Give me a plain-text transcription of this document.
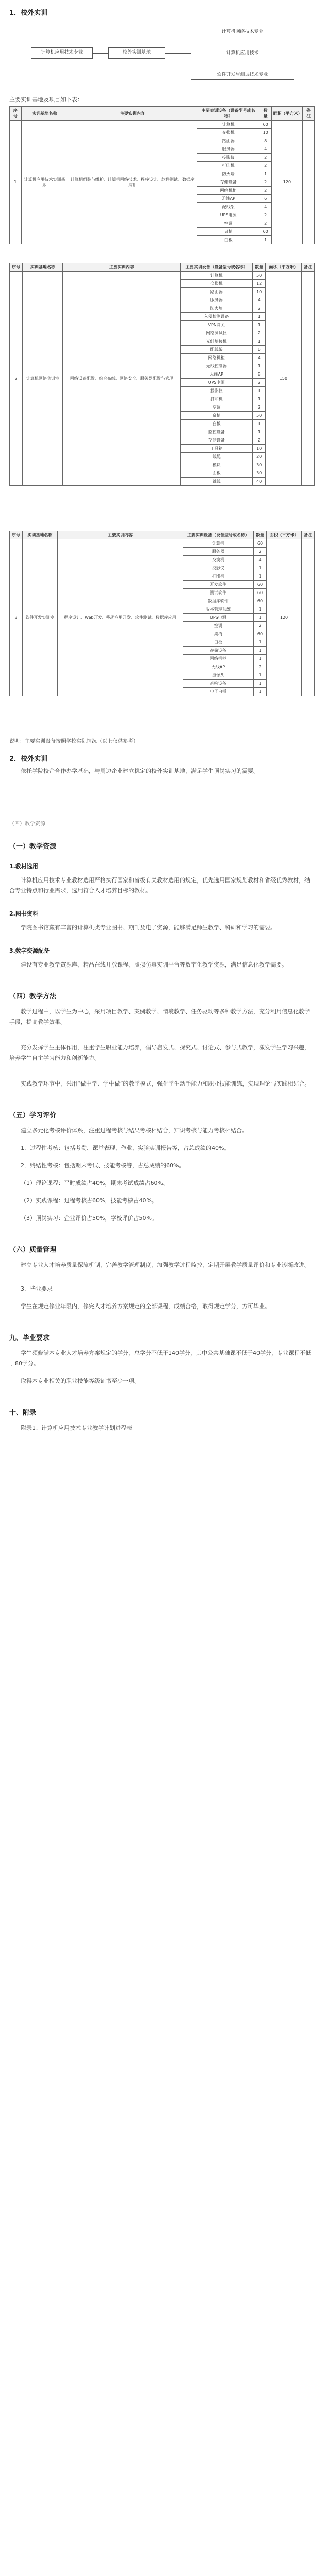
1．校外实训

计算机应用技术专业	校外实训基地
计算机网络技术专业
计算机应用技术
软件开发与测试技术专业

主要实训基地及项目如下表：

序号	实训基地名称	主要实训内容	主要实训设备（设备型号或名称）	数量	面积（平方米）	备注
1	计算机应用技术实训基地	计算机组装与维护、计算机网络技术、程序设计、软件测试、数据库应用	计算机	60	120	
			交换机	10		
			路由器	8		
			服务器	4		
			投影仪	2		
			打印机	2		
			防火墙	1		
			存储设备	2		
			网络机柜	2		
			无线AP	6		
			配线架	4		
			UPS电源	2		
			空调	2		
			桌椅	60		
			白板	1		
序号	实训基地名称	主要实训内容	主要实训设备（设备型号或名称）	数量	面积（平方米）	备注
2	计算机网络实训室	网络设备配置、综合布线、网络安全、服务器配置与管理	计算机	50	150	
			交换机	12		
			路由器	10		
			服务器	4		
			防火墙	2		
			入侵检测设备	1		
			VPN网关	1		
			网络测试仪	2		
			光纤熔接机	1		
			配线架	6		
			网络机柜	4		
			无线控制器	1		
			无线AP	8		
			UPS电源	2		
			投影仪	1		
			打印机	1		
			空调	2		
			桌椅	50		
			白板	1		
			监控设备	1		
			存储设备	2		
			工具箱	10		
			线缆	20		
			模块	30		
			面板	30		
			跳线	40		
序号	实训基地名称	主要实训内容	主要实训设备（设备型号或名称）	数量	面积（平方米）	备注
3	软件开发实训室	程序设计、Web开发、移动应用开发、软件测试、数据库应用	计算机	60	120	
			服务器	2		
			交换机	4		
			投影仪	1		
			打印机	1		
			开发软件	60		
			测试软件	60		
			数据库软件	60		
			版本管理系统	1		
			UPS电源	1		
			空调	2		
			桌椅	60		
			白板	1		
			存储设备	1		
			网络机柜	1		
			无线AP	2		
			摄像头	1		
			音响设备	1		
			电子白板	1		

说明：主要实训设备按照学校实际情况（以上仅供参考）

2．校外实训

依托学院校企合作办学基础，与周边企业建立稳定的校外实训基地，满足学生顶岗实习的需要。

（四）教学资源

（一）教学资源

1.教材选用

计算机应用技术专业教材选用严格执行国家和省级有关教材选用的规定，优先选用国家规划教材和省级优秀教材，结合专业特点和行业需求，选用符合人才培养目标的教材。

2.图书资料

学院图书馆藏有丰富的计算机类专业图书、期刊及电子资源，能够满足师生教学、科研和学习的需要。

3.数字资源配备

建设有专业教学资源库、精品在线开放课程、虚拟仿真实训平台等数字化教学资源，满足信息化教学需要。

（四）教学方法

教学过程中，以学生为中心，采用项目教学、案例教学、情境教学、任务驱动等多种教学方法，充分利用信息化教学手段，提高教学效果。

充分发挥学生主体作用，注重学生职业能力培养，倡导启发式、探究式、讨论式、参与式教学，激发学生学习兴趣，培养学生自主学习能力和创新能力。

实践教学环节中，采用“做中学、学中做”的教学模式，强化学生动手能力和职业技能训练，实现理论与实践相结合。

（五）学习评价

建立多元化考核评价体系，注重过程考核与结果考核相结合，知识考核与能力考核相结合。

1．过程性考核：包括考勤、课堂表现、作业、实验实训报告等，占总成绩的40%。

2．终结性考核：包括期末考试、技能考核等，占总成绩的60%。

（1）理论课程：平时成绩占40%，期末考试成绩占60%。

（2）实践课程：过程考核占60%，技能考核占40%。

（3）顶岗实习：企业评价占50%，学校评价占50%。

（六）质量管理

建立专业人才培养质量保障机制，完善教学管理制度，加强教学过程监控，定期开展教学质量评价和专业诊断改进。

3．毕业要求

学生在规定修业年限内，修完人才培养方案规定的全部课程，成绩合格，取得规定学分，方可毕业。

九、毕业要求

学生须修满本专业人才培养方案规定的学分，总学分不低于140学分，其中公共基础课不低于40学分，专业课程不低于80学分。

取得本专业相关的职业技能等级证书至少一项。

十、附录

附录1：计算机应用技术专业教学计划进程表
